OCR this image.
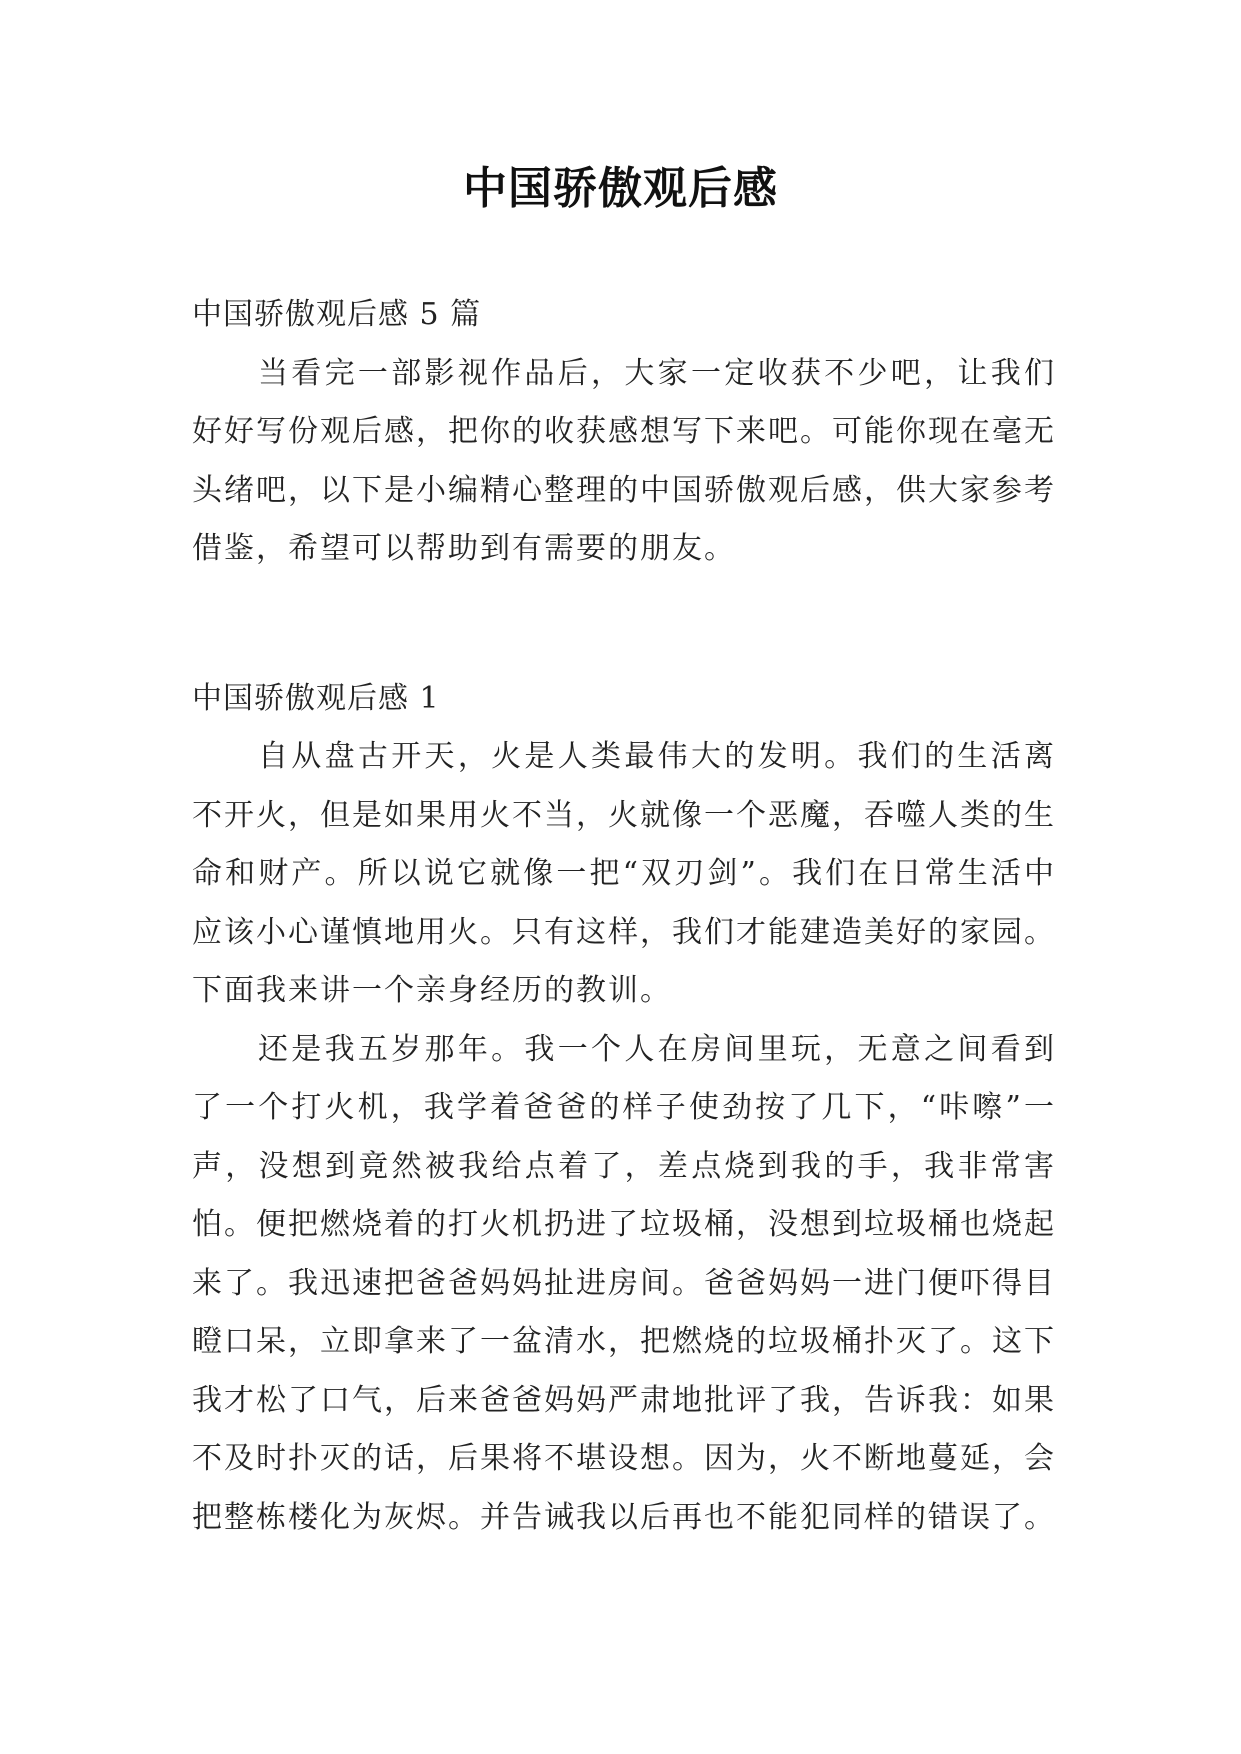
中国骄傲观后感

中国骄傲观后感 5 篇

当看完一部影视作品后，大家一定收获不少吧，让我们好好写份观后感，把你的收获感想写下来吧。可能你现在毫无头绪吧，以下是小编精心整理的中国骄傲观后感，供大家参考借鉴，希望可以帮助到有需要的朋友。

中国骄傲观后感 1

自从盘古开天，火是人类最伟大的发明。我们的生活离不开火，但是如果用火不当，火就像一个恶魔，吞噬人类的生命和财产。所以说它就像一把“双刃剑”。我们在日常生活中应该小心谨慎地用火。只有这样，我们才能建造美好的家园。下面我来讲一个亲身经历的教训。

还是我五岁那年。我一个人在房间里玩，无意之间看到了一个打火机，我学着爸爸的样子使劲按了几下，“咔嚓”一声，没想到竟然被我给点着了，差点烧到我的手，我非常害怕。便把燃烧着的打火机扔进了垃圾桶，没想到垃圾桶也烧起来了。我迅速把爸爸妈妈扯进房间。爸爸妈妈一进门便吓得目瞪口呆，立即拿来了一盆清水，把燃烧的垃圾桶扑灭了。这下我才松了口气，后来爸爸妈妈严肃地批评了我，告诉我：如果不及时扑灭的话，后果将不堪设想。因为，火不断地蔓延，会把整栋楼化为灰烬。并告诫我以后再也不能犯同样的错误了。
